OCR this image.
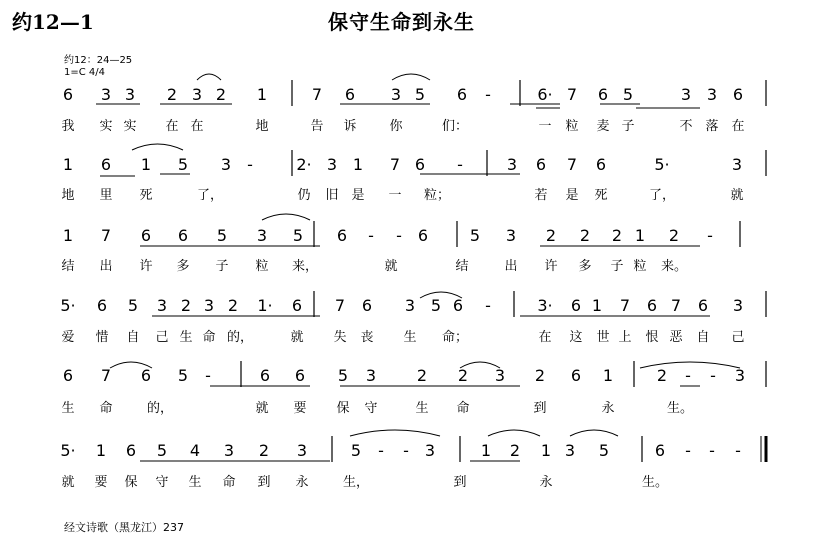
约12—1	保守生命到永生
约12：24—25
1=C 4/4
经文诗歌（黑龙江）237
6 3 3 2 3 2 1	7 6 3 5 6 -	6· 7 6 5	3 3 6
我 实 实 在 在	地	告 诉	你	们：	一 粒 麦 子	不 落 在
1 6 1 5 3 -	2· 3 1 7 6 -	3 6 7 6	5·	3
地 里 死	了，	仍 旧 是 一 粒；	若 是 死	了，	就
1 7 6 6 5 3 5 6 - - 6	5 3 2 2 2 1 2 -
结 出 许 多 子 粒 来，	就	结	出 许 多 子 粒 来。
5· 6 5 3 2 3 2 1· 6 7 6 3 5 6 -	3· 6 1 7 6 7 6 3
爱 惜 自 己 生 命 的，	就 失 丧 生 命；	在 这 世 上 恨 恶 自 己
6 7 6 5 -	6 6 5 3	2 2 3 2 6 1	2 - - 3
生 命	的，	就 要 保 守	生 命	到	永	生。
5· 1 6 5 4 3 2 3	5 - - 3	1 2 1 3 5	6 - - -
就 要 保 守 生 命 到 永	生，	到	永	生。
